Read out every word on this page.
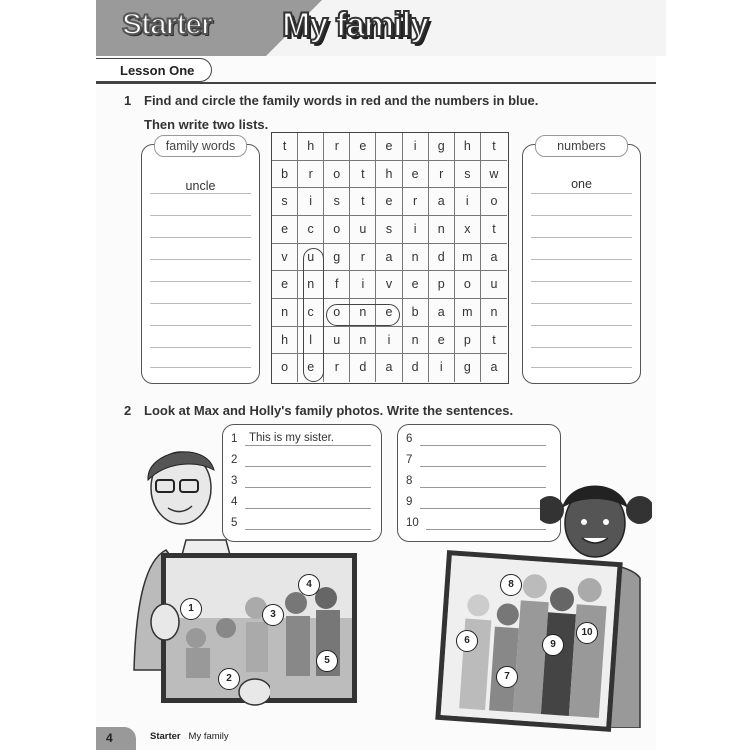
Starter My family
Lesson One
1 Find and circle the family words in red and the numbers in blue.
Then write two lists.
family words
uncle
t	h	r	e	e	i	g	h	t
b	r	o	t	h	e	r	s	w
s	i	s	t	e	r	a	i	o
e	c	o	u	s	i	n	x	t
v	u	g	r	a	n	d	m	a
e	n	f	i	v	e	p	o	u
n	c	o	n	e	b	a	m	n
h	l	u	n	i	n	e	p	t
o	e	r	d	a	d	i	g	a
numbers
one
2 Look at Max and Holly's family photos. Write the sentences.
1 This is my sister.
2
3
4
5
6
7
8
9
10
1
2
3
4
5
6
7
8
9
10
4	Starter My family
